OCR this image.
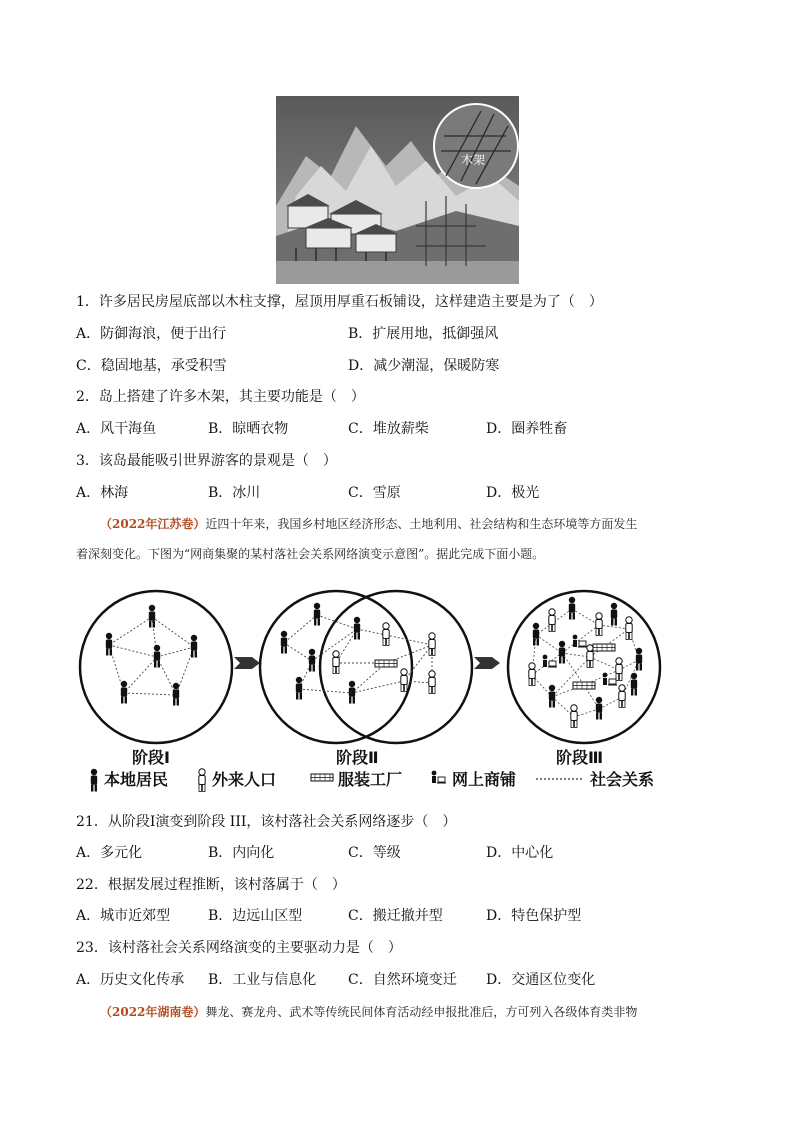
木架
1．许多居民房屋底部以木柱支撑，屋顶用厚重石板铺设，这样建造主要是为了（　）
A．防御海浪，便于出行	B．扩展用地，抵御强风
C．稳固地基，承受积雪	D．减少潮湿，保暖防寒
2．岛上搭建了许多木架，其主要功能是（　）
A．风干海鱼	B．晾晒衣物	C．堆放薪柴	D．圈养牲畜
3．该岛最能吸引世界游客的景观是（　）
A．林海	B．冰川	C．雪原	D．极光
（2022年江苏卷）近四十年来，我国乡村地区经济形态、土地利用、社会结构和生态环境等方面发生
着深刻变化。下图为“网商集聚的某村落社会关系网络演变示意图”。据此完成下面小题。
阶段Ⅰ	阶段Ⅱ	阶段Ⅲ
本地居民	外来人口	服装工厂	网上商铺	社会关系
21．从阶段Ⅰ演变到阶段 III，该村落社会关系网络逐步（　）
A．多元化	B．内向化	C．等级	D．中心化
22．根据发展过程推断，该村落属于（　）
A．城市近郊型	B．边远山区型	C．搬迁撤并型	D．特色保护型
23．该村落社会关系网络演变的主要驱动力是（　）
A．历史文化传承 B．工业与信息化 C．自然环境变迁 D．交通区位变化
（2022年湖南卷）舞龙、赛龙舟、武术等传统民间体育活动经申报批准后，方可列入各级体育类非物
